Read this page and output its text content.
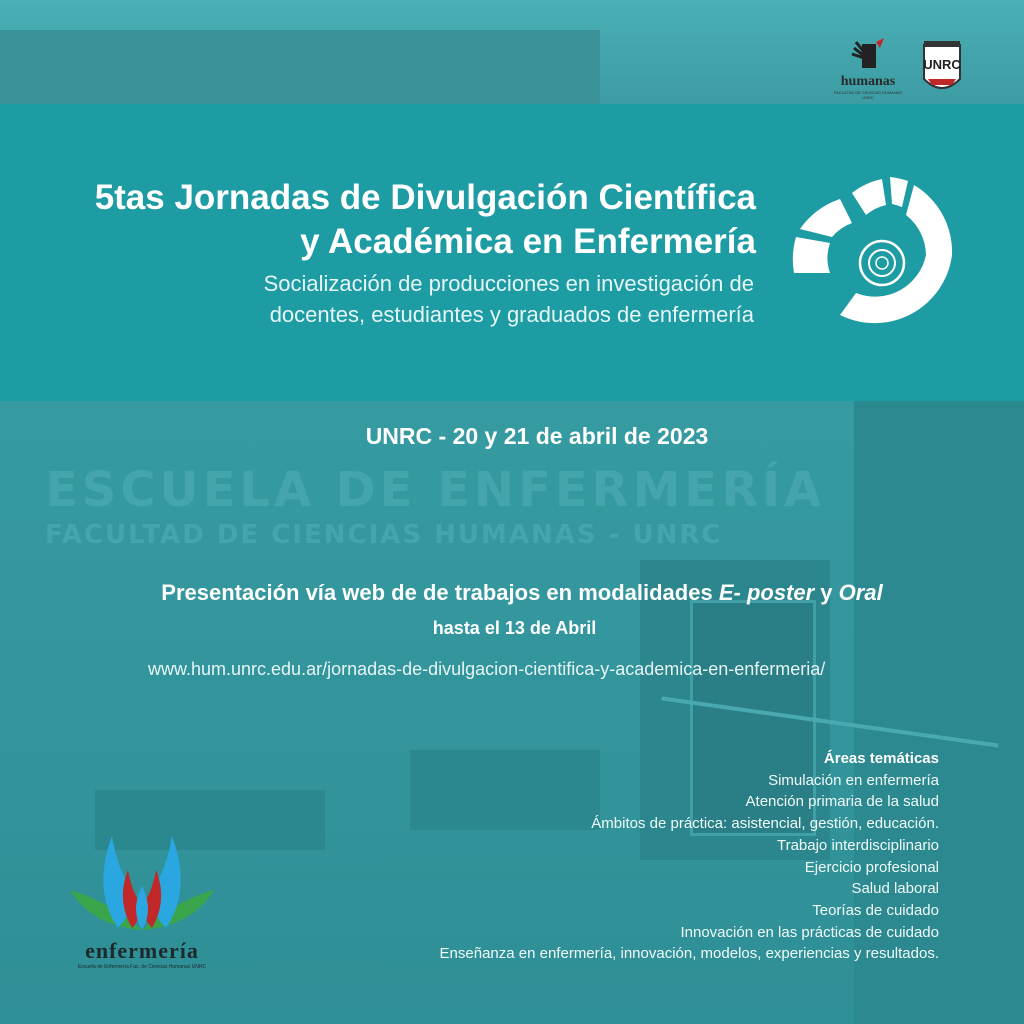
ESCUELA DE ENFERMERÍA
FACULTAD DE CIENCIAS HUMANAS - UNRC
humanas
FACULTAD DE CIENCIAS HUMANAS UNRC
UNRC
5tas Jornadas de Divulgación Científica
y Académica en Enfermería
Socialización de producciones en investigación de
docentes, estudiantes y graduados de enfermería
UNRC - 20 y 21 de abril de 2023
Presentación vía web de de trabajos en modalidades E- poster y Oral
hasta el 13 de Abril
www.hum.unrc.edu.ar/jornadas-de-divulgacion-cientifica-y-academica-en-enfermeria/
Áreas temáticas
Simulación en enfermería
Atención primaria de la salud
Ámbitos de práctica: asistencial, gestión, educación.
Trabajo interdisciplinario
Ejercicio profesional
Salud laboral
Teorías de cuidado
Innovación en las prácticas de cuidado
Enseñanza en enfermería, innovación, modelos, experiencias y resultados.
enfermería
Escuela de Enfermería Fac. de Ciencias Humanas UNRC
